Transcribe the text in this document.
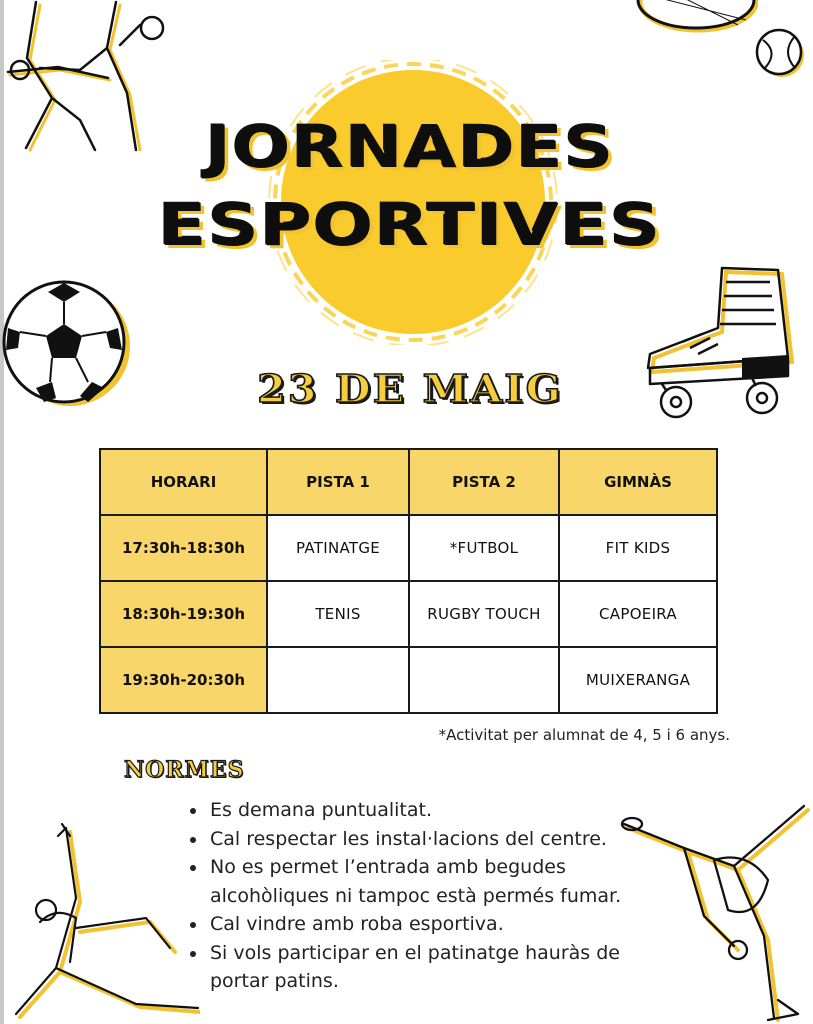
JORNADES
ESPORTIVES
23 DE MAIG
HORARI	PISTA 1	PISTA 2	GIMNÀS
17:30h-18:30h	PATINATGE	*FUTBOL	FIT KIDS
18:30h-19:30h	TENIS	RUGBY TOUCH	CAPOEIRA
19:30h-20:30h			MUIXERANGA
*Activitat per alumnat de 4, 5 i 6 anys.
NORMES
• Es demana puntualitat.
• Cal respectar les instal·lacions del centre.
• No es permet l’entrada amb begudes alcohòliques ni tampoc està permés fumar.
• Cal vindre amb roba esportiva.
• Si vols participar en el patinatge hauràs de portar patins.
